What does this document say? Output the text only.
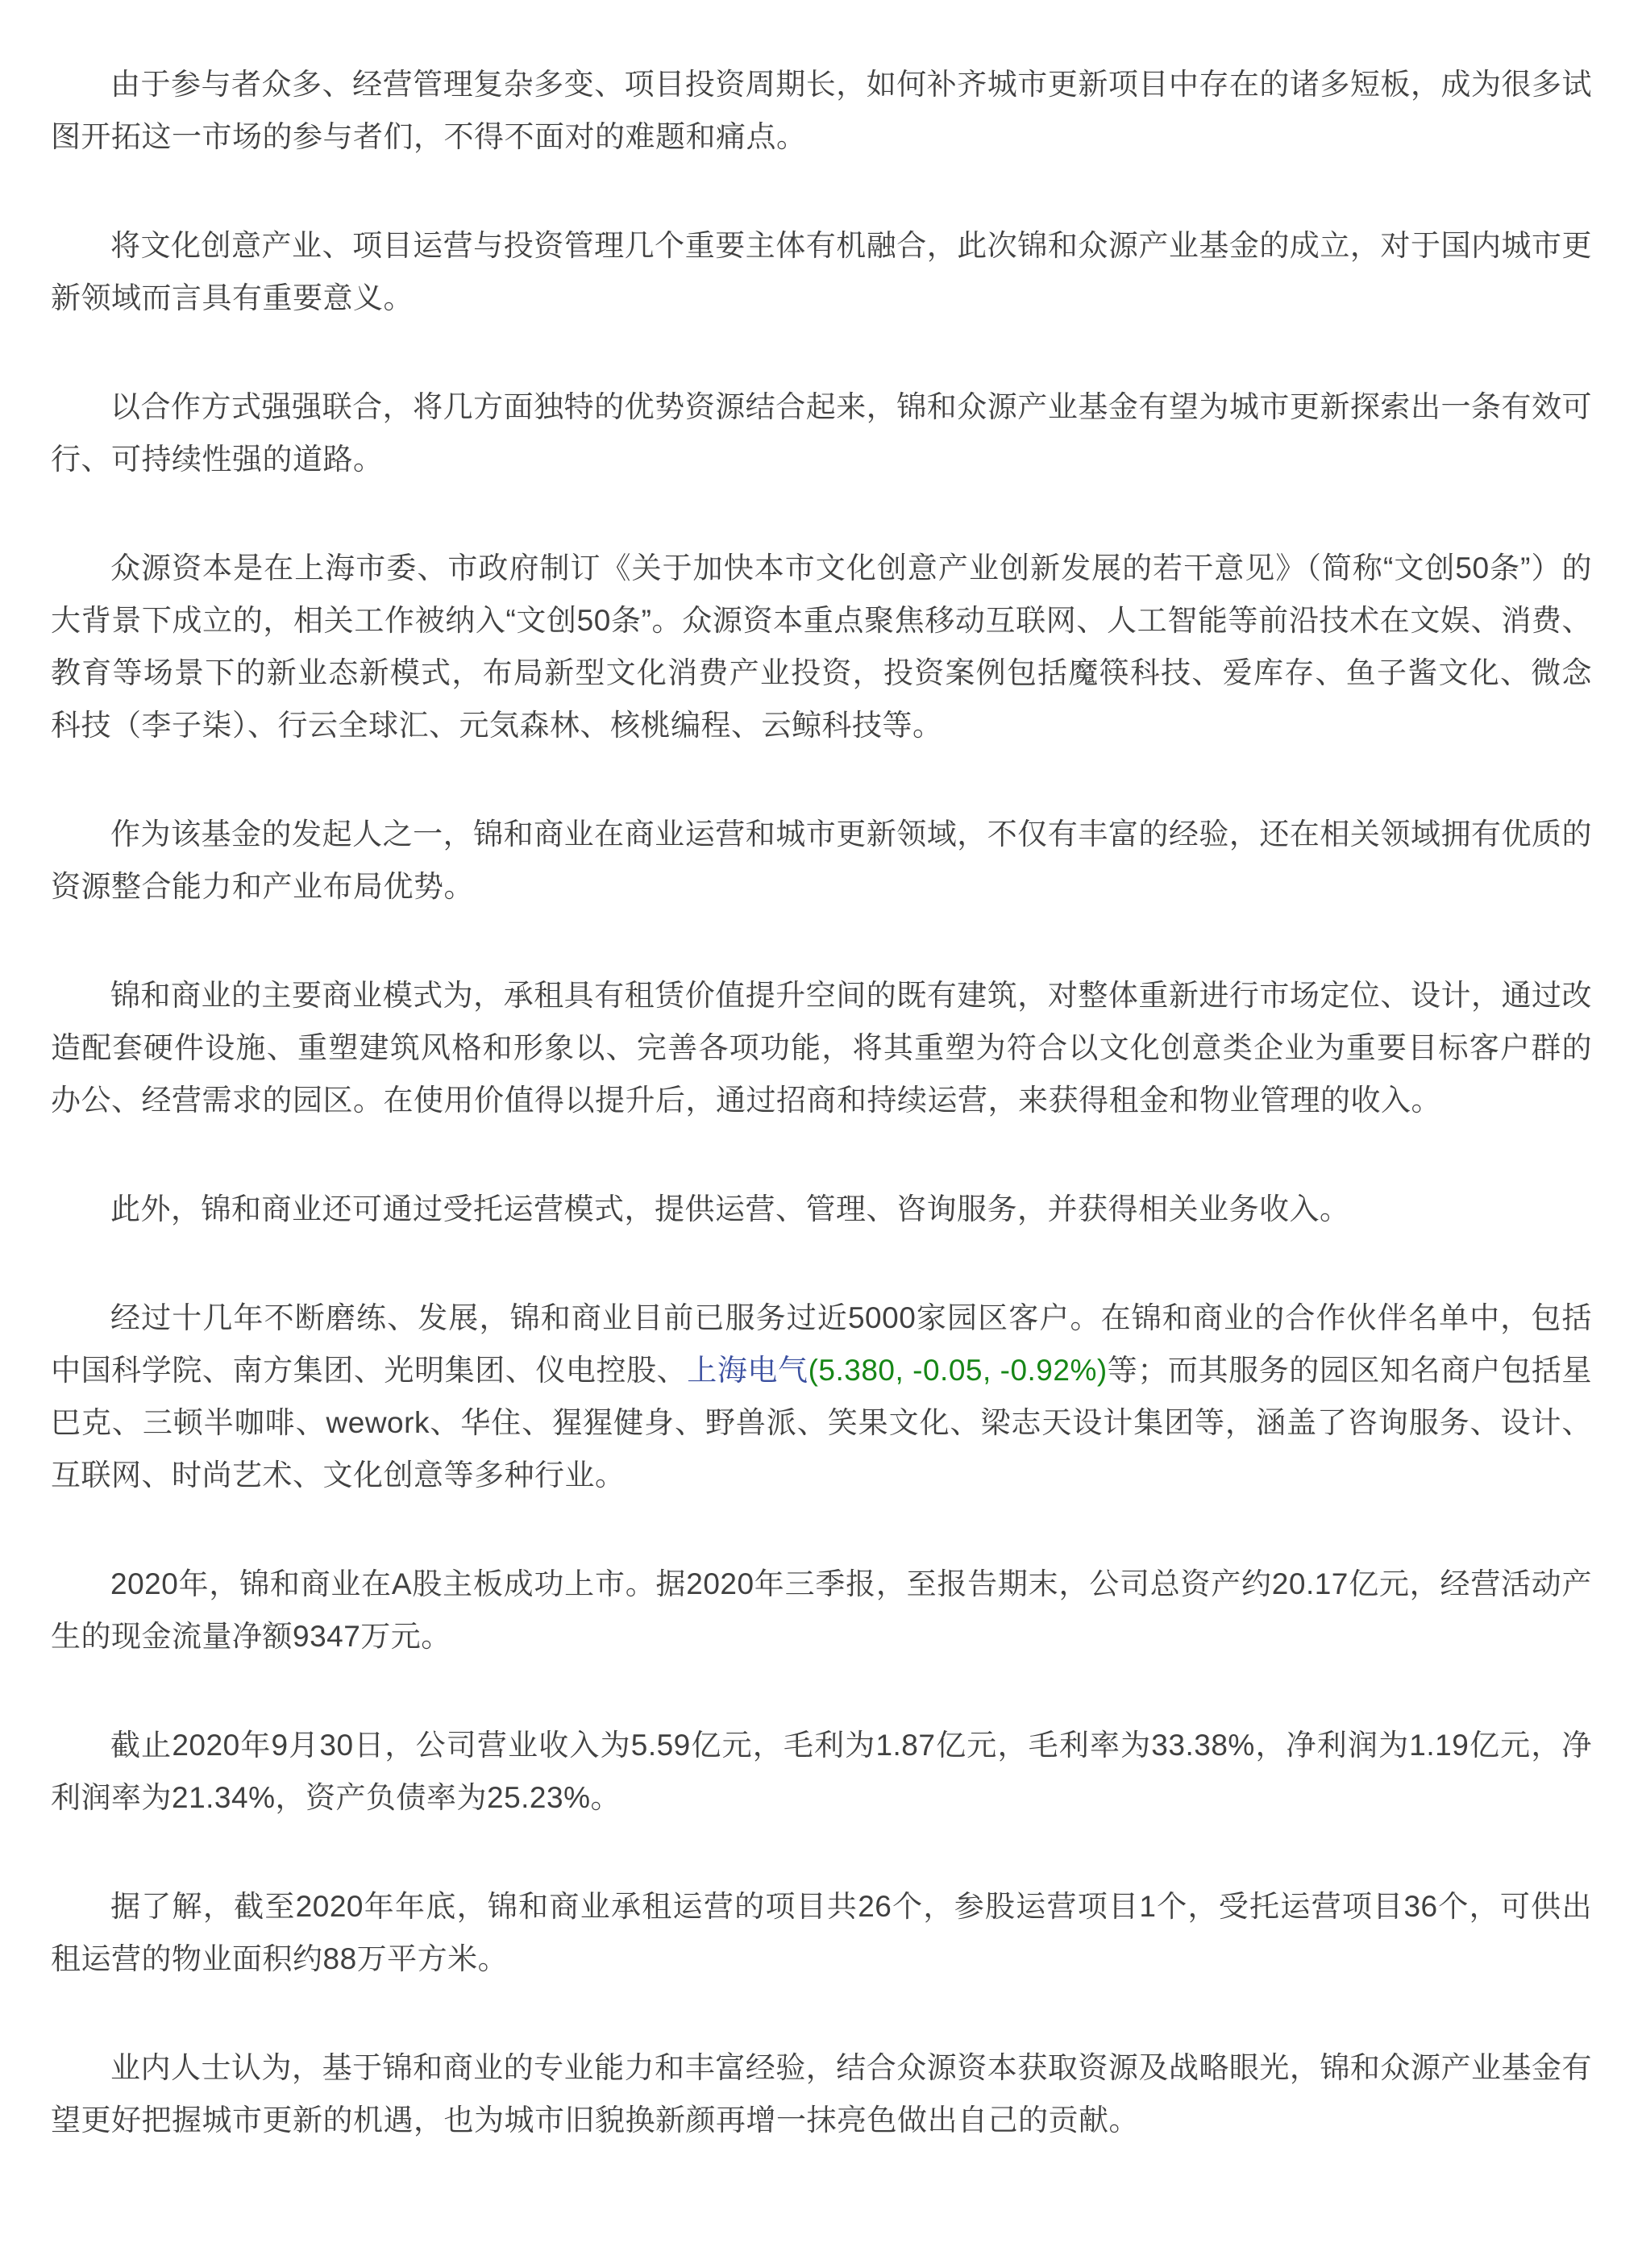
由于参与者众多、经营管理复杂多变、项目投资周期长，如何补齐城市更新项目中存在的诸多短板，成为很多试图开拓这一市场的参与者们，不得不面对的难题和痛点。

将文化创意产业、项目运营与投资管理几个重要主体有机融合，此次锦和众源产业基金的成立，对于国内城市更新领域而言具有重要意义。

以合作方式强强联合，将几方面独特的优势资源结合起来，锦和众源产业基金有望为城市更新探索出一条有效可行、可持续性强的道路。

众源资本是在上海市委、市政府制订《关于加快本市文化创意产业创新发展的若干意见》（简称“文创50条”）的大背景下成立的，相关工作被纳入“文创50条”。众源资本重点聚焦移动互联网、人工智能等前沿技术在文娱、消费、教育等场景下的新业态新模式，布局新型文化消费产业投资，投资案例包括魔筷科技、爱库存、鱼子酱文化、微念科技（李子柒）、行云全球汇、元気森林、核桃编程、云鲸科技等。

作为该基金的发起人之一，锦和商业在商业运营和城市更新领域，不仅有丰富的经验，还在相关领域拥有优质的资源整合能力和产业布局优势。

锦和商业的主要商业模式为，承租具有租赁价值提升空间的既有建筑，对整体重新进行市场定位、设计，通过改造配套硬件设施、重塑建筑风格和形象以、完善各项功能，将其重塑为符合以文化创意类企业为重要目标客户群的办公、经营需求的园区。在使用价值得以提升后，通过招商和持续运营，来获得租金和物业管理的收入。

此外，锦和商业还可通过受托运营模式，提供运营、管理、咨询服务，并获得相关业务收入。

经过十几年不断磨练、发展，锦和商业目前已服务过近5000家园区客户。在锦和商业的合作伙伴名单中，包括中国科学院、南方集团、光明集团、仪电控股、上海电气(5.380, -0.05, -0.92%)等；而其服务的园区知名商户包括星巴克、三顿半咖啡、wework、华住、猩猩健身、野兽派、笑果文化、梁志天设计集团等，涵盖了咨询服务、设计、互联网、时尚艺术、文化创意等多种行业。

2020年，锦和商业在A股主板成功上市。据2020年三季报，至报告期末，公司总资产约20.17亿元，经营活动产生的现金流量净额9347万元。

截止2020年9月30日，公司营业收入为5.59亿元，毛利为1.87亿元，毛利率为33.38%，净利润为1.19亿元，净利润率为21.34%，资产负债率为25.23%。

据了解，截至2020年年底，锦和商业承租运营的项目共26个，参股运营项目1个，受托运营项目36个，可供出租运营的物业面积约88万平方米。

业内人士认为，基于锦和商业的专业能力和丰富经验，结合众源资本获取资源及战略眼光，锦和众源产业基金有望更好把握城市更新的机遇，也为城市旧貌换新颜再增一抹亮色做出自己的贡献。
